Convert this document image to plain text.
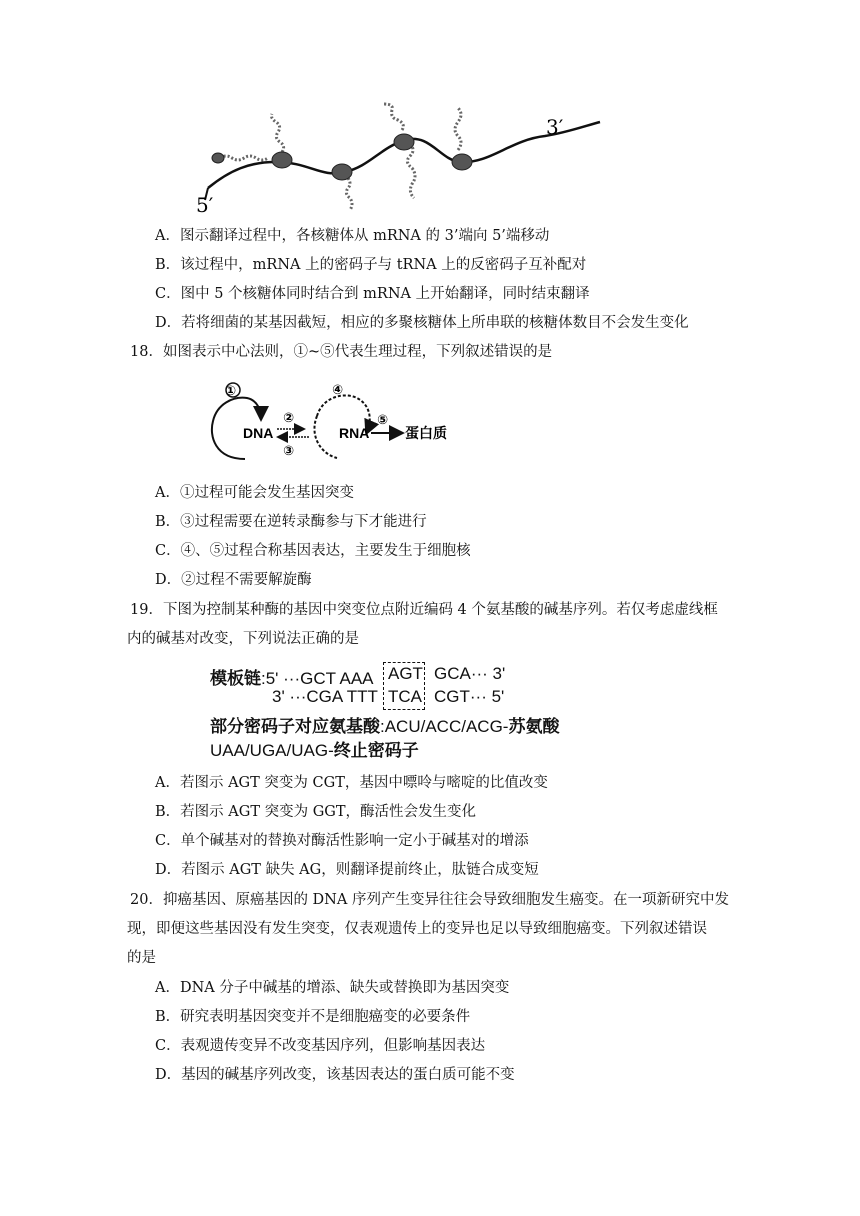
3′
5′
A．图示翻译过程中，各核糖体从 mRNA 的 3’端向 5’端移动
B．该过程中，mRNA 上的密码子与 tRNA 上的反密码子互补配对
C．图中 5 个核糖体同时结合到 mRNA 上开始翻译，同时结束翻译
D．若将细菌的某基因截短，相应的多聚核糖体上所串联的核糖体数目不会发生变化
18．如图表示中心法则，①~⑤代表生理过程，下列叙述错误的是
①
DNA
②
③
④
RNA
⑤
蛋白质
A．①过程可能会发生基因突变
B．③过程需要在逆转录酶参与下才能进行
C．④、⑤过程合称基因表达，主要发生于细胞核
D．②过程不需要解旋酶
19．下图为控制某种酶的基因中突变位点附近编码 4 个氨基酸的碱基序列。若仅考虑虚线框
内的碱基对改变，下列说法正确的是
模板链:5' ···GCT AAA AGT GCA··· 3'
3' ···CGA TTT TCA CGT··· 5'
部分密码子对应氨基酸:ACU/ACC/ACG-苏氨酸
UAA/UGA/UAG-终止密码子
A．若图示 AGT 突变为 CGT，基因中嘌呤与嘧啶的比值改变
B．若图示 AGT 突变为 GGT，酶活性会发生变化
C．单个碱基对的替换对酶活性影响一定小于碱基对的增添
D．若图示 AGT 缺失 AG，则翻译提前终止，肽链合成变短
20．抑癌基因、原癌基因的 DNA 序列产生变异往往会导致细胞发生癌变。在一项新研究中发
现，即便这些基因没有发生突变，仅表观遗传上的变异也足以导致细胞癌变。下列叙述错误
的是
A．DNA 分子中碱基的增添、缺失或替换即为基因突变
B．研究表明基因突变并不是细胞癌变的必要条件
C．表观遗传变异不改变基因序列，但影响基因表达
D．基因的碱基序列改变，该基因表达的蛋白质可能不变
